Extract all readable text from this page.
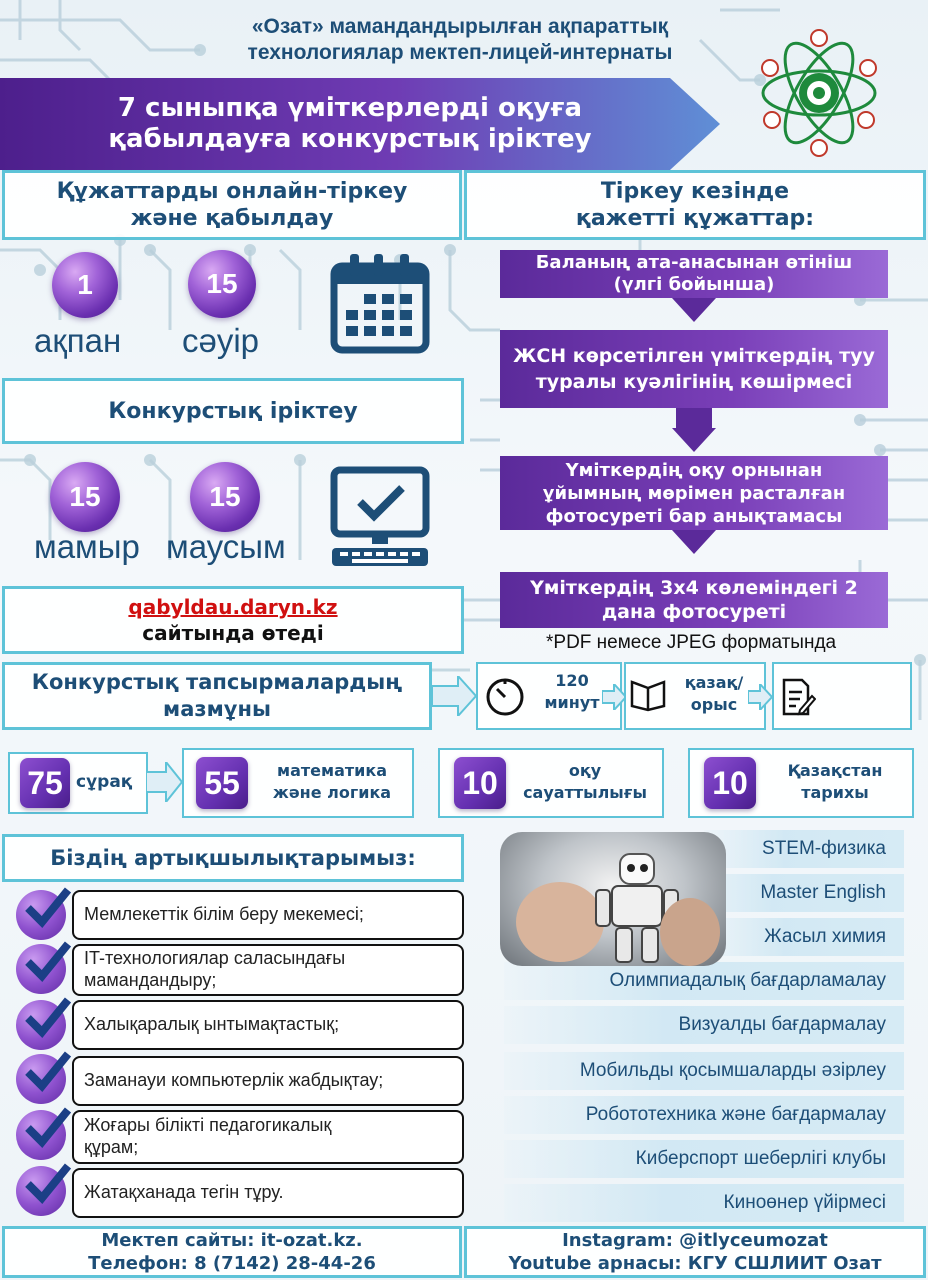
«Озат» мамандандырылған ақпараттық
технологиялар мектеп-лицей-интернаты
7 сыныпқа үміткерлерді оқуға
қабылдауға конкурстық іріктеу
Құжаттарды онлайн-тіркеу
және қабылдау
Тіркеу кезінде
қажетті құжаттар:
1
ақпан
15
сәуір
Конкурстық іріктеу
15
мамыр
15
маусым
qabyldau.daryn.kz
сайтында өтеді
Баланың ата-анасынан өтініш
(үлгі бойынша)
ЖСН көрсетілген үміткердің туу
туралы куәлігінің көшірмесі
Үміткердің оқу орнынан
ұйымның мөрімен расталған
фотосуреті бар анықтамасы
Үміткердің 3х4 көлеміндегі 2
дана фотосуреті
*PDF немесе JPEG форматында
Конкурстық тапсырмалардың
мазмұны
120
минут
қазақ/
орыс
75 сұрақ 55	математика
және логика 10	оқу
сауаттылығы 10	Қазақстан
тарихы
Біздің артықшылықтарымыз:
Мемлекеттік білім беру мекемесі;
IT-технологиялар саласындағы
мамандандыру;
Халықаралық ынтымақтастық;
Заманауи компьютерлік жабдықтау;
Жоғары білікті педагогикалық
құрам;
Жатақханада тегін тұру.
STEM-физика
Master English
Жасыл химия
Олимпиадалық бағдарламалау
Визуалды бағдармалау
Мобильды қосымшаларды әзірлеу
Робототехника және бағдармалау
Киберспорт шеберлігі клубы
Киноөнер үйірмесі
Мектеп сайты: it-ozat.kz.
Телефон: 8 (7142) 28-44-26
Instagram: @itlyceumozat
Youtube арнасы: КГУ СШЛИИТ Озат
